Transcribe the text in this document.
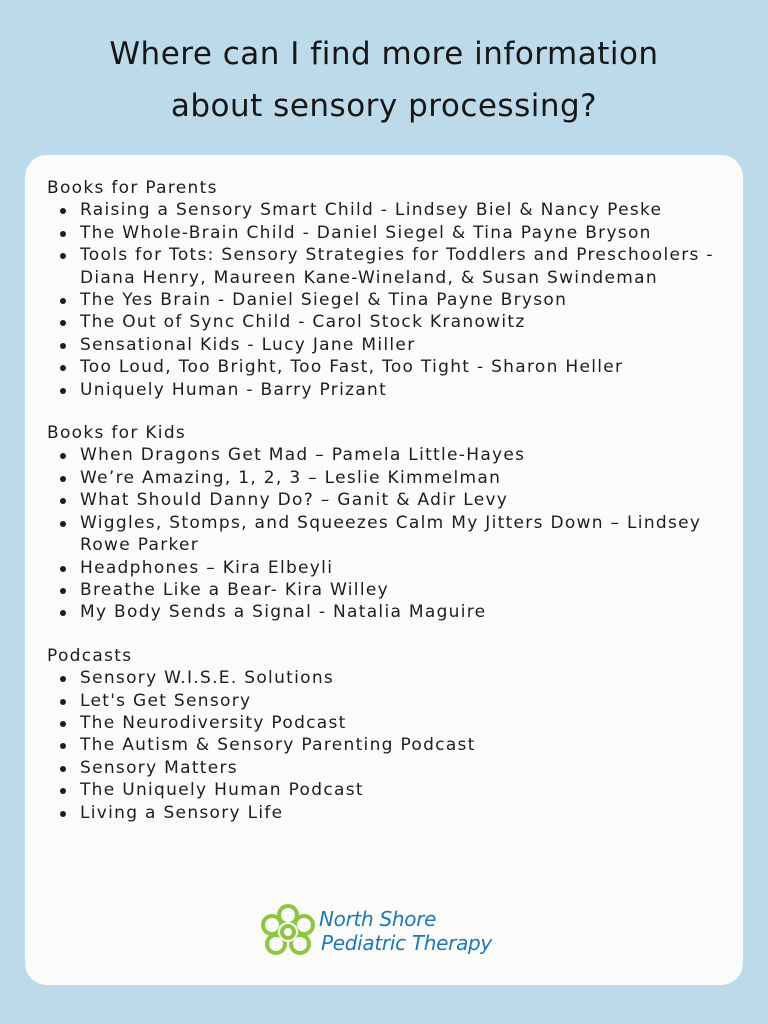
Where can I find more information
about sensory processing?
Books for Parents
Raising a Sensory Smart Child - Lindsey Biel & Nancy Peske
The Whole-Brain Child - Daniel Siegel & Tina Payne Bryson
Tools for Tots: Sensory Strategies for Toddlers and Preschoolers - Diana Henry, Maureen Kane-Wineland, & Susan Swindeman
The Yes Brain - Daniel Siegel & Tina Payne Bryson
The Out of Sync Child - Carol Stock Kranowitz
Sensational Kids - Lucy Jane Miller
Too Loud, Too Bright, Too Fast, Too Tight - Sharon Heller
Uniquely Human - Barry Prizant
Books for Kids
When Dragons Get Mad – Pamela Little-Hayes
We’re Amazing, 1, 2, 3 – Leslie Kimmelman
What Should Danny Do? – Ganit & Adir Levy
Wiggles, Stomps, and Squeezes Calm My Jitters Down – Lindsey Rowe Parker
Headphones – Kira Elbeyli
Breathe Like a Bear- Kira Willey
My Body Sends a Signal - Natalia Maguire
Podcasts
Sensory W.I.S.E. Solutions
Let's Get Sensory
The Neurodiversity Podcast
The Autism & Sensory Parenting Podcast
Sensory Matters
The Uniquely Human Podcast
Living a Sensory Life
North Shore
Pediatric Therapy
